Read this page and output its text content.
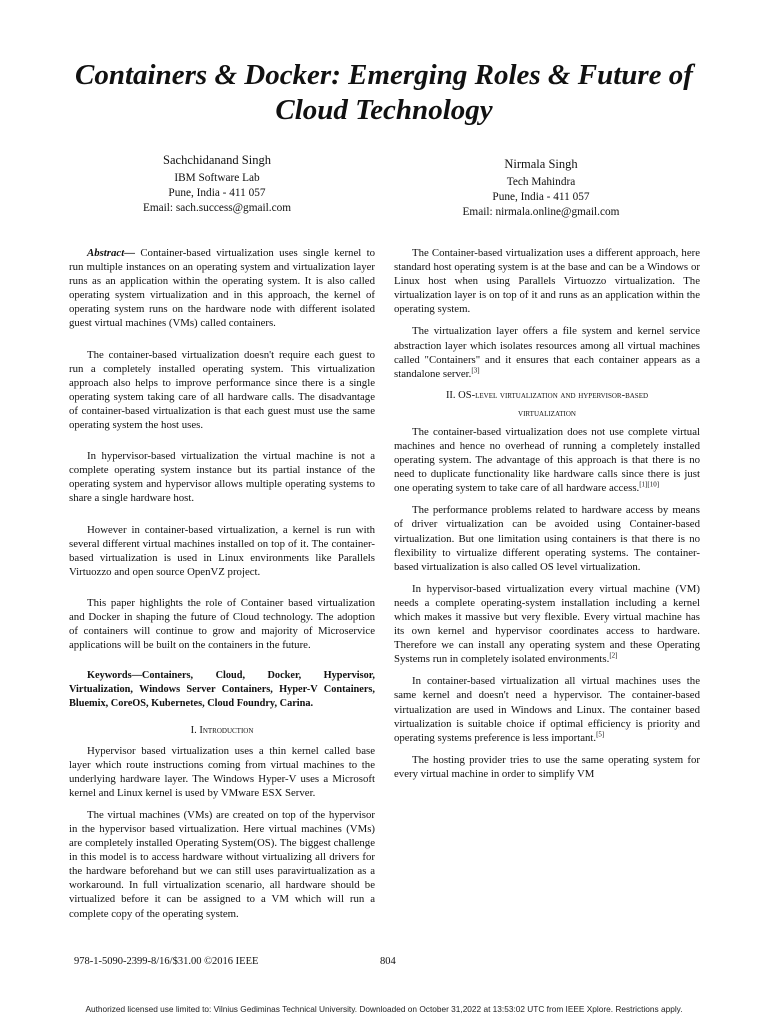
Containers & Docker: Emerging Roles & Future of Cloud Technology
Sachchidanand Singh
IBM Software Lab
Pune, India - 411 057
Email: sach.success@gmail.com
Nirmala Singh
Tech Mahindra
Pune, India - 411 057
Email: nirmala.online@gmail.com

Abstract— Container-based virtualization uses single kernel to run multiple instances on an operating system and virtualization layer runs as an application within the operating system. It is also called operating system virtualization and in this approach, the kernel of operating system runs on the hardware node with different isolated guest virtual machines (VMs) called containers.

The container-based virtualization doesn't require each guest to run a completely installed operating system. This virtualization approach also helps to improve performance since there is a single operating system taking care of all hardware calls. The disadvantage of container-based virtualization is that each guest must use the same operating system the host uses.

In hypervisor-based virtualization the virtual machine is not a complete operating system instance but its partial instance of the operating system and hypervisor allows multiple operating systems to share a single hardware host.

However in container-based virtualization, a kernel is run with several different virtual machines installed on top of it. The container-based virtualization is used in Linux environments like Parallels Virtuozzo and open source OpenVZ project.

This paper highlights the role of Container based virtualization and Docker in shaping the future of Cloud technology. The adoption of containers will continue to grow and majority of Microservice applications will be built on the containers in the future.

Keywords—Containers, Cloud, Docker, Hypervisor, Virtualization, Windows Server Containers, Hyper-V Containers, Bluemix, CoreOS, Kubernetes, Cloud Foundry, Carina.

I. Introduction

Hypervisor based virtualization uses a thin kernel called base layer which route instructions coming from virtual machines to the underlying hardware layer. The Windows Hyper-V uses a Microsoft kernel and Linux kernel is used by VMware ESX Server.

The virtual machines (VMs) are created on top of the hypervisor in the hypervisor based virtualization. Here virtual machines (VMs) are completely installed Operating System(OS). The biggest challenge in this model is to access hardware without virtualizing all drivers for the hardware beforehand but we can still uses paravirtualization as a workaround. In full virtualization scenario, all hardware should be virtualized before it can be assigned to a VM which will run a complete copy of the operating system.

The Container-based virtualization uses a different approach, here standard host operating system is at the base and can be a Windows or Linux host when using Parallels Virtuozzo virtualization. The virtualization layer is on top of it and runs as an application within the operating system.

The virtualization layer offers a file system and kernel service abstraction layer which isolates resources among all virtual machines called "Containers" and it ensures that each container appears as a standalone server.[3]

II. OS-level virtualization and hypervisor-based
virtualization

The container-based virtualization does not use complete virtual machines and hence no overhead of running a completely installed operating system. The advantage of this approach is that there is no need to duplicate functionality like hardware calls since there is just one operating system to take care of all hardware access.[1][10]

The performance problems related to hardware access by means of driver virtualization can be avoided using Container-based virtualization. But one limitation using containers is that there is no flexibility to virtualize different operating systems. The container-based virtualization is also called OS level virtualization.

In hypervisor-based virtualization every virtual machine (VM) needs a complete operating-system installation including a kernel which makes it massive but very flexible. Every virtual machine has its own kernel and hypervisor coordinates access to hardware. Therefore we can install any operating system and these Operating Systems run in completely isolated environments.[2]

In container-based virtualization all virtual machines uses the same kernel and doesn't need a hypervisor. The container-based virtualization are used in Windows and Linux. The container based virtualization is suitable choice if optimal efficiency is priority and operating systems preference is less important.[5]

The hosting provider tries to use the same operating system for every virtual machine in order to simplify VM

978-1-5090-2399-8/16/$31.00 ©2016 IEEE	804
Authorized licensed use limited to: Vilnius Gediminas Technical University. Downloaded on October 31,2022 at 13:53:02 UTC from IEEE Xplore. Restrictions apply.
